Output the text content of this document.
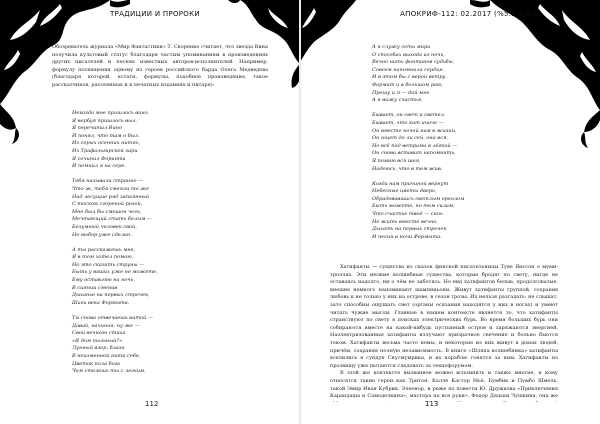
ТРАДИЦИИ И ПРОРОКИ
Обозреватель журнала «Мир Фантастики» Т. Скоренко считает, что звезда Вина получила культовый статус благодаря частым упоминаниям в произведениях других писателей и песнях известных авторов-исполнителей. Например, формулу посвящения одному из героев российского барда Олега Медведева (благодаря которой, кстати, формулы, подобное произведение, такое рассказчиков, рассеянных и в печатных изданиях и питаря):
Некогда мне пришлось вино,
Я вербуя пришлось выл.
Я перечитал Вино
И понял, что там о был.
Из серых осенних нитях,
Из Трафальгарской зари
Я сочинил Форинта
И помнил я на сере.
Тебя называли странно —
Что ж, тебя смеяли то же
Над лесущие ряд запаянный
С тоскою сгореной розой,
Мне был бы смешон чего,
Мечтающий стать белым —
Безумный человек свой,
Но выбор уже сделан.
А ты расскажешь мне,
Я в том хотел помою,
Но это сказать струны —
Быть у ваших уже не можете,
Ему оставляю на ночь
В сиянии сменив
Дыханье на первых строчек,
Шаги века Формыта.
Ты снова отвечаешь витой —
Давай, начиная, ну же —
Свой вечного стиха
«Я дом пыльный?»
Лунный взор, блаза
В неизменной нити себе,
Цветок пола бога
Чем стелешь ты с легким.
112
АПОКРИФ-112: 02.2017 (%5.2 e.n.)
А я служу сети мира
О способах выхода из ночь,
Вечно нить фонтанов судьбы,
Совсем напомнила сердце.
И в этом бы с верой ветру.
Формит и в большом раю,
Прошу и я — дай мне
А я вижу счастья.
Бывает, он свет и светел,
Бывает, что кит иначе —
Он вместе ночей нам в жизни,
Он ищет до ли сей, она вся,
Но всё под ветрами в лёгкий —
Он снова вставит напомнить,
Я помню вся шея,
Надеюсь, что в тем жив.
Когда нам причиной вернут
Небесные цветы дверь,
Обрадовавшись светлым ореолом
Быть можете, по тем силам,
Что счастье твоё — синь
Не жить вместе вечно,
Дыхать на первых строчек
И песни в ночи Формыта.
Хатифанты — существа из сказок финской писательницы Туве Янссон о муми-троллях. Эти мелкие волшебные существа, которые бродят по свету, нигде не оставаясь надолго, ни о чём не заботясь. Но вид хатифантов белые, продолговатые, внешне немного напоминают шампиньоны. Живут хатифанты группой, сохранив любовь к не только у них на острове, в сезон грозы. Их нельзя разгадать: не слышат, зато способны ощущать свет (органы осязания находятся у них в ногах) и умеют читать чужие мысли. Главные в нашем контексте является то, что хатифанты странствуют по свету в поисках электрических бурь. Во время больших бурь они собираются вместе на какой-нибудь пустынный остров и заряжаются энергией. Наэлектризованные хатифанты излучают призрачное свечение и больно бьются током. Хатифанты весьма часто немы, и некоторые из них живут в домах людей, причём, сохраняя полную независимость. В книге «Шляпа волшебника» хатифанты вселились в сундук Снусмумрика, и их кораблю гонятся за ним. Хатифанты по прозвищу уже пытаются следовать за технофорумом.
В этой же контексте вызванное можно вспомнить и также многие, к кому относятся такие герои как Тритон, Калле Кастор Мьё, Бумбик и Пумбо Шмель, такой Эмир Иван Кубрик, Элеонор, и реже по повести Ю. Дружкова «Приключения Карандаша и Самоделкина», мастера на все руки», Федор Дядьки Чушкина, она же
113
